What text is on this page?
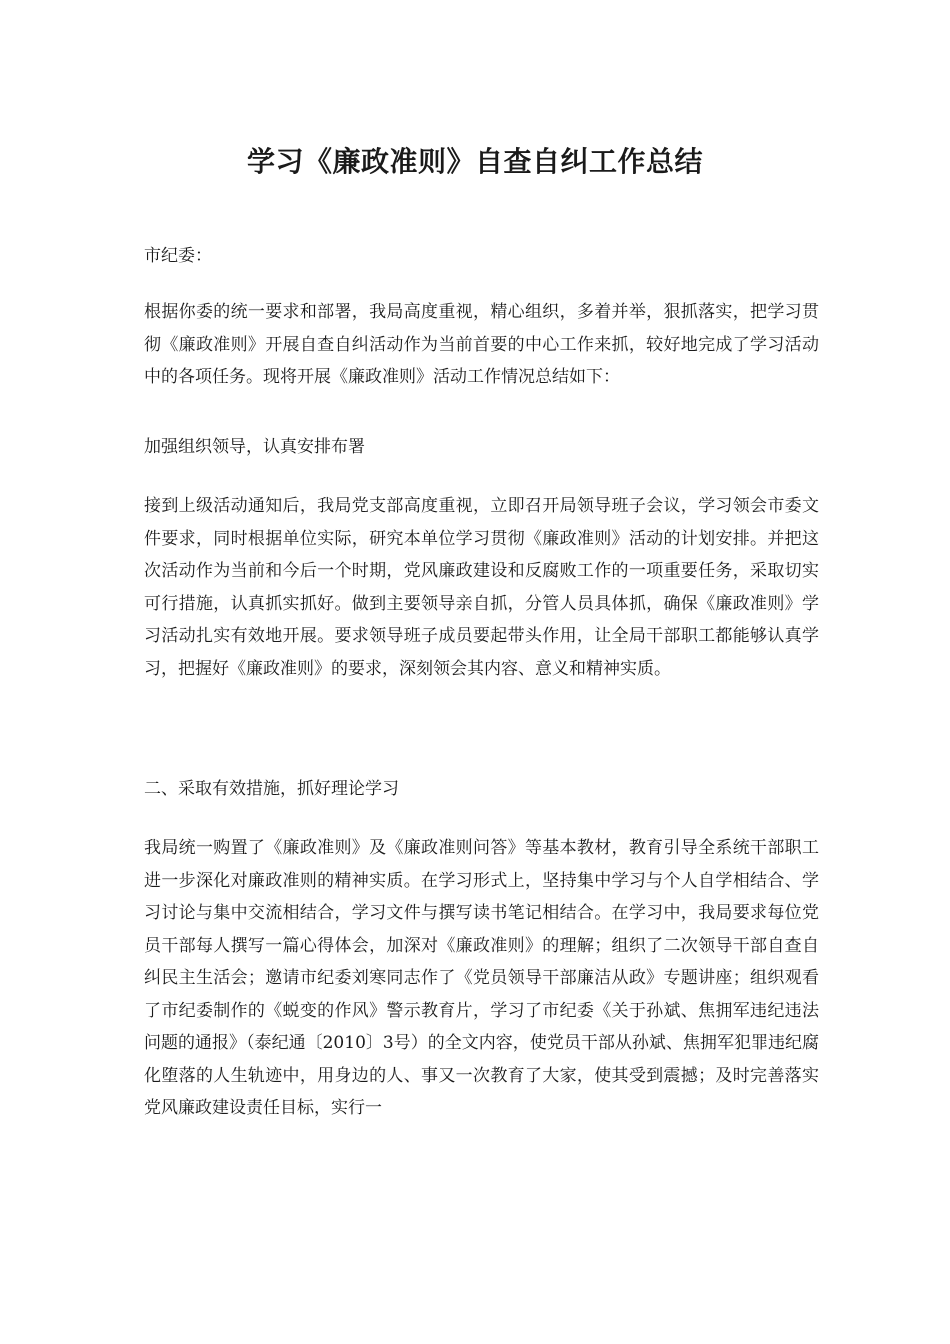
学习《廉政准则》自查自纠工作总结

市纪委：

根据你委的统一要求和部署，我局高度重视，精心组织，多着并举，狠抓落实，把学习贯彻《廉政准则》开展自查自纠活动作为当前首要的中心工作来抓，较好地完成了学习活动中的各项任务。现将开展《廉政准则》活动工作情况总结如下：

加强组织领导，认真安排布署

接到上级活动通知后，我局党支部高度重视，立即召开局领导班子会议，学习领会市委文件要求，同时根据单位实际，研究本单位学习贯彻《廉政准则》活动的计划安排。并把这次活动作为当前和今后一个时期，党风廉政建设和反腐败工作的一项重要任务，采取切实可行措施，认真抓实抓好。做到主要领导亲自抓，分管人员具体抓，确保《廉政准则》学习活动扎实有效地开展。要求领导班子成员要起带头作用，让全局干部职工都能够认真学习，把握好《廉政准则》的要求，深刻领会其内容、意义和精神实质。

二、采取有效措施，抓好理论学习

我局统一购置了《廉政准则》及《廉政准则问答》等基本教材，教育引导全系统干部职工进一步深化对廉政准则的精神实质。在学习形式上，坚持集中学习与个人自学相结合、学习讨论与集中交流相结合，学习文件与撰写读书笔记相结合。在学习中，我局要求每位党员干部每人撰写一篇心得体会，加深对《廉政准则》的理解；组织了二次领导干部自查自纠民主生活会；邀请市纪委刘寒同志作了《党员领导干部廉洁从政》专题讲座；组织观看了市纪委制作的《蜕变的作风》警示教育片，学习了市纪委《关于孙斌、焦拥军违纪违法问题的通报》（泰纪通〔2010〕3号）的全文内容，使党员干部从孙斌、焦拥军犯罪违纪腐化堕落的人生轨迹中，用身边的人、事又一次教育了大家，使其受到震撼；及时完善落实党风廉政建设责任目标，实行一
